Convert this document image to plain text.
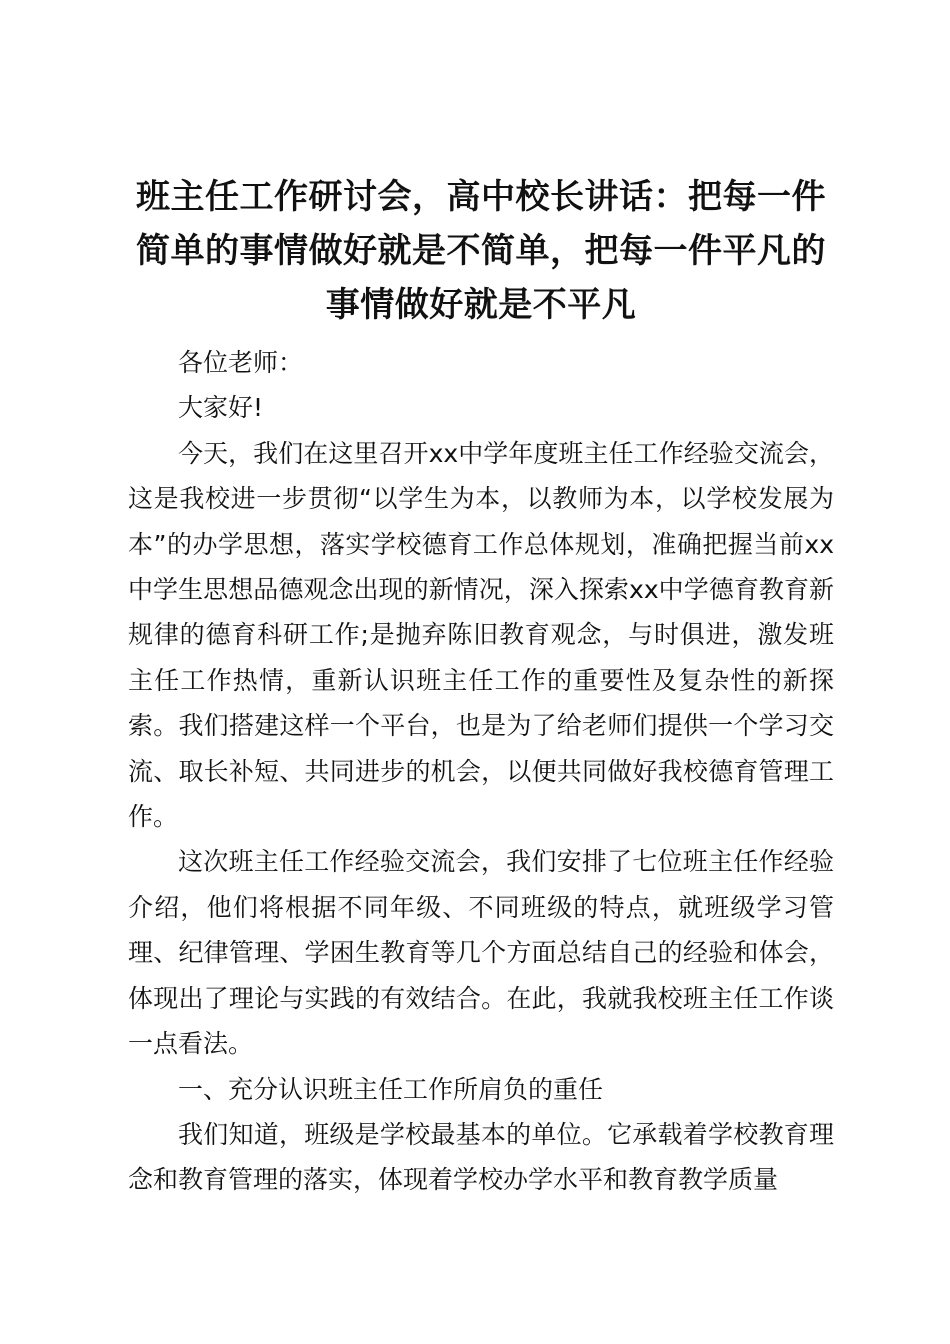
班主任工作研讨会，高中校长讲话：把每一件
简单的事情做好就是不简单，把每一件平凡的
事情做好就是不平凡

各位老师：

大家好!

今天，我们在这里召开xx中学年度班主任工作经验交流会，这是我校进一步贯彻“以学生为本，以教师为本，以学校发展为本”的办学思想，落实学校德育工作总体规划，准确把握当前xx中学生思想品德观念出现的新情况，深入探索xx中学德育教育新规律的德育科研工作;是抛弃陈旧教育观念，与时俱进，激发班主任工作热情，重新认识班主任工作的重要性及复杂性的新探索。我们搭建这样一个平台，也是为了给老师们提供一个学习交流、取长补短、共同进步的机会，以便共同做好我校德育管理工作。

这次班主任工作经验交流会，我们安排了七位班主任作经验介绍，他们将根据不同年级、不同班级的特点，就班级学习管理、纪律管理、学困生教育等几个方面总结自己的经验和体会，体现出了理论与实践的有效结合。在此，我就我校班主任工作谈一点看法。

一、充分认识班主任工作所肩负的重任

我们知道，班级是学校最基本的单位。它承载着学校教育理念和教育管理的落实，体现着学校办学水平和教育教学质量
